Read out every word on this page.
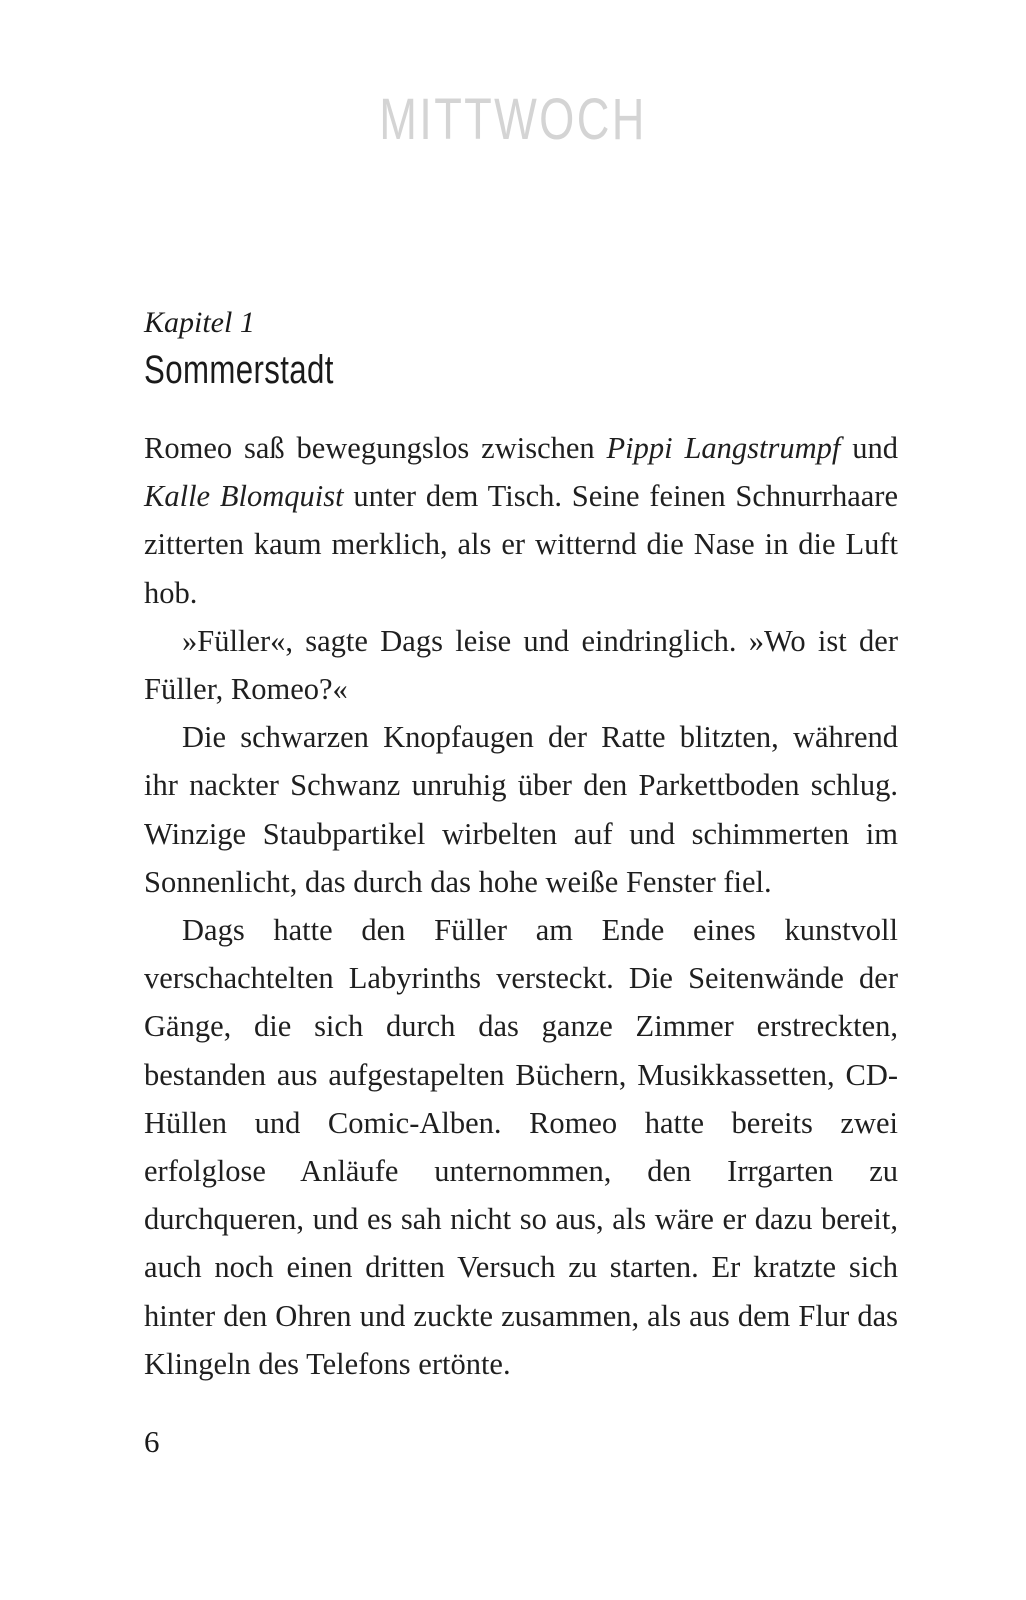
MITTWOCH
Kapitel 1
Sommerstadt

Romeo saß bewegungslos zwischen Pippi Langstrumpf und Kalle Blomquist unter dem Tisch. Seine feinen Schnurrhaare zitterten kaum merklich, als er witternd die Nase in die Luft hob.

»Füller«, sagte Dags leise und eindringlich. »Wo ist der Füller, Romeo?«

Die schwarzen Knopfaugen der Ratte blitzten, während ihr nackter Schwanz unruhig über den Parkettboden schlug. Winzige Staubpartikel wirbelten auf und schimmerten im Sonnenlicht, das durch das hohe weiße Fenster fiel.

Dags hatte den Füller am Ende eines kunstvoll verschachtelten Labyrinths versteckt. Die Seitenwände der Gänge, die sich durch das ganze Zimmer erstreckten, bestanden aus aufgestapelten Büchern, Musikkassetten, CD-Hüllen und Comic-Alben. Romeo hatte bereits zwei erfolglose Anläufe unternommen, den Irrgarten zu durchqueren, und es sah nicht so aus, als wäre er dazu bereit, auch noch einen dritten Versuch zu starten. Er kratzte sich hinter den Ohren und zuckte zusammen, als aus dem Flur das Klingeln des Telefons ertönte.

6
